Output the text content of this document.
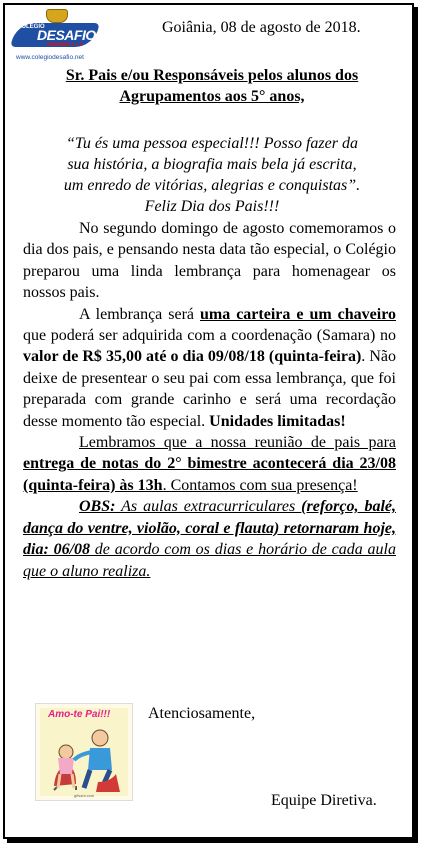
COLÉGIO
DESAFIO
UNIDADE 1 e 2
www.colegiodesafio.net
Goiânia, 08 de agosto de 2018.
Sr. Pais e/ou Responsáveis pelos alunos dos
Agrupamentos aos 5° anos,
“Tu és uma pessoa especial!!! Posso fazer da
sua história, a biografia mais bela já escrita,
um enredo de vitórias, alegrias e conquistas”.
Feliz Dia dos Pais!!!

No segundo domingo de agosto comemoramos o dia dos pais, e pensando nesta data tão especial, o Colégio preparou uma linda lembrança para homenagear os nossos pais.

A lembrança será uma carteira e um chaveiro que poderá ser adquirida com a coordenação (Samara) no valor de R$ 35,00 até o dia 09/08/18 (quinta-feira). Não deixe de presentear o seu pai com essa lembrança, que foi preparada com grande carinho e será uma recordação desse momento tão especial. Unidades limitadas!

Lembramos que a nossa reunião de pais para entrega de notas do 2° bimestre acontecerá dia 23/08 (quinta-feira) às 13h. Contamos com sua presença!

OBS: As aulas extracurriculares (reforço, balé, dança do ventre, violão, coral e flauta) retornaram hoje, dia: 06/08 de acordo com os dias e horário de cada aula que o aluno realiza.

Amo-te Pai!!!
gifsani.com
Atenciosamente,
Equipe Diretiva.
